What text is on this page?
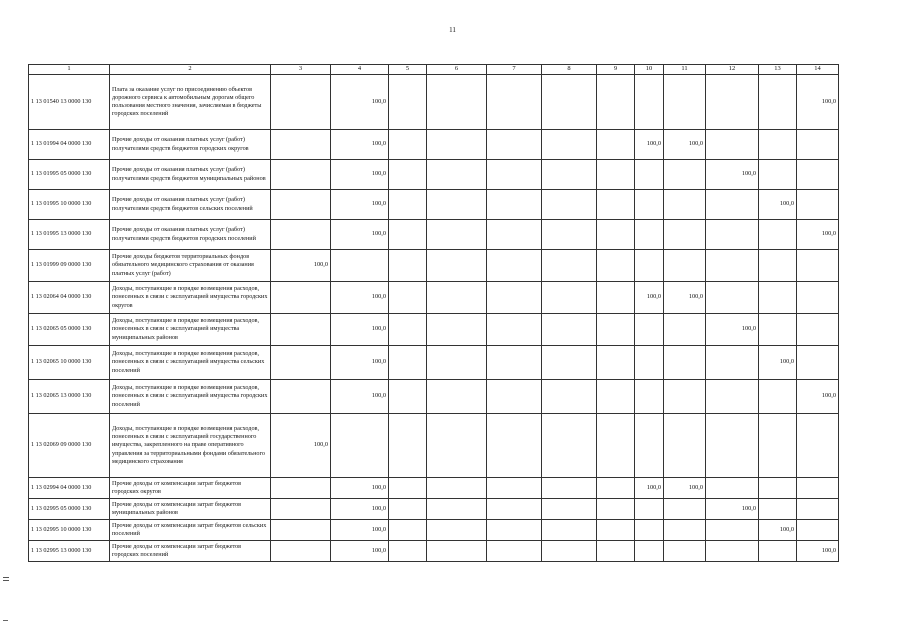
11
1	2	3	4	5	6	7	8	9	10	11	12	13	14
1 13 01540 13 0000 130	Плата за оказание услуг по присоединению объектов дорожного сервиса к автомобильным дорогам общего пользования местного значения, зачисляемая в бюджеты городских поселений		100,0										100,0
1 13 01994 04 0000 130	Прочие доходы от оказания платных услуг (работ) получателями средств бюджетов городских округов		100,0						100,0	100,0			
1 13 01995 05 0000 130	Прочие доходы от оказания платных услуг (работ) получателями средств бюджетов муниципальных районов		100,0								100,0		
1 13 01995 10 0000 130	Прочие доходы от оказания платных услуг (работ) получателями средств бюджетов сельских поселений		100,0									100,0	
1 13 01995 13 0000 130	Прочие доходы от оказания платных услуг (работ) получателями средств бюджетов городских поселений		100,0										100,0
1 13 01999 09 0000 130	Прочие доходы бюджетов территориальных фондов обязательного медицинского страхования от оказания платных услуг (работ)	100,0											
1 13 02064 04 0000 130	Доходы, поступающие в порядке возмещения расходов, понесенных в связи с эксплуатацией имущества городских округов		100,0						100,0	100,0			
1 13 02065 05 0000 130	Доходы, поступающие в порядке возмещения расходов, понесенных в связи с эксплуатацией имущества муниципальных районов		100,0								100,0		
1 13 02065 10 0000 130	Доходы, поступающие в порядке возмещения расходов, понесенных в связи с эксплуатацией имущества сельских поселений		100,0									100,0	
1 13 02065 13 0000 130	Доходы, поступающие в порядке возмещения расходов, понесенных в связи с эксплуатацией имущества городских поселений		100,0										100,0
1 13 02069 09 0000 130	Доходы, поступающие в порядке возмещения расходов, понесенных в связи с эксплуатацией государственного имущества, закрепленного на праве оперативного управления за территориальными фондами обязательного медицинского страхования	100,0											
1 13 02994 04 0000 130	Прочие доходы от компенсации затрат бюджетов городских округов		100,0						100,0	100,0			
1 13 02995 05 0000 130	Прочие доходы от компенсации затрат бюджетов муниципальных районов		100,0								100,0		
1 13 02995 10 0000 130	Прочие доходы от компенсации затрат бюджетов сельских поселений		100,0									100,0	
1 13 02995 13 0000 130	Прочие доходы от компенсации затрат бюджетов городских поселений		100,0										100,0
